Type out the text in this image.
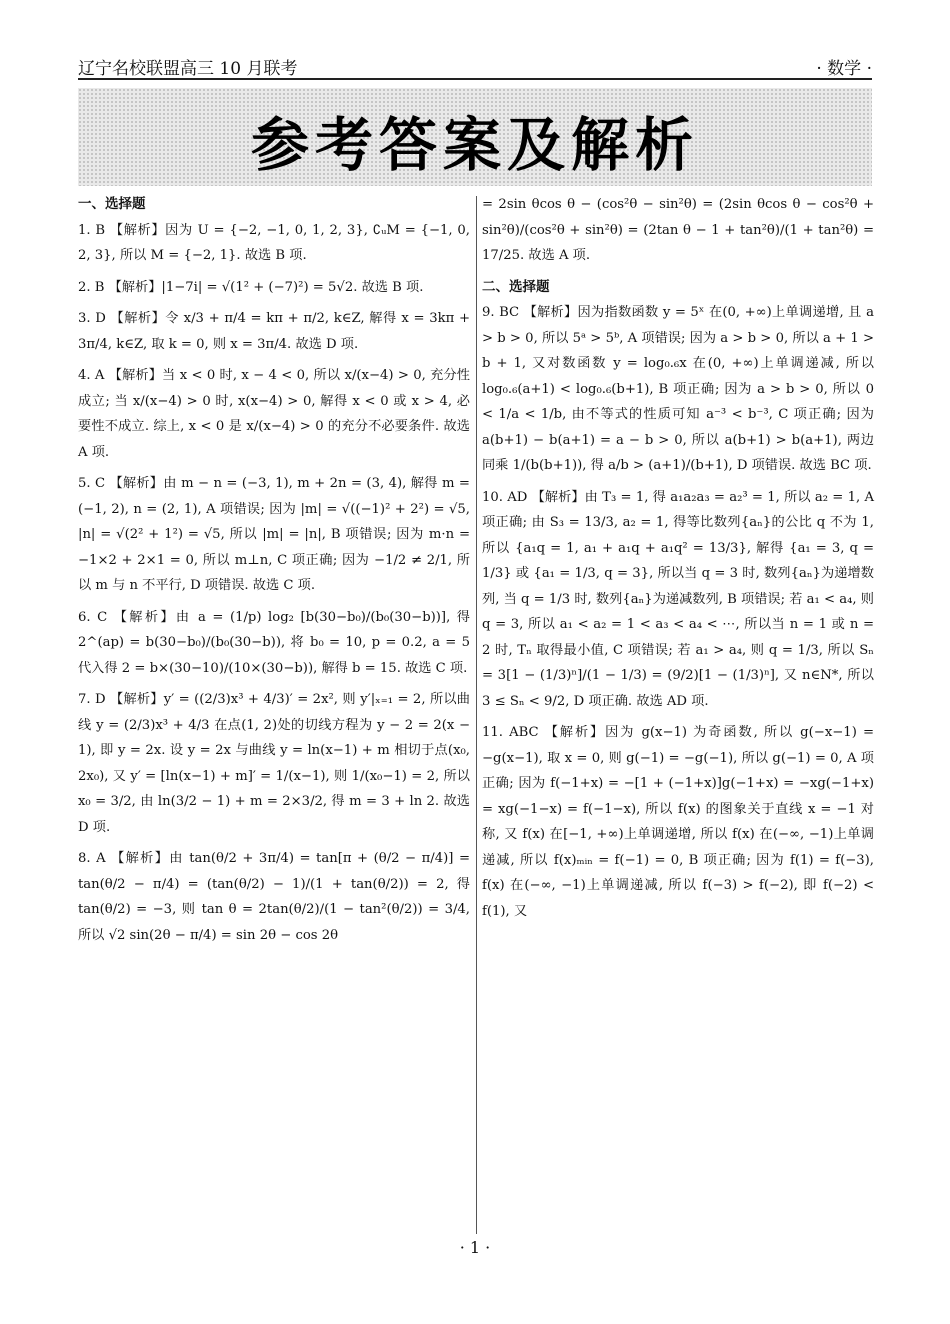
辽宁名校联盟高三 10 月联考	· 数学 ·
参考答案及解析
一、选择题

1. B 【解析】因为 U = {−2, −1, 0, 1, 2, 3}, ∁ᵤM = {−1, 0, 2, 3}, 所以 M = {−2, 1}. 故选 B 项.

2. B 【解析】|1−7i| = √(1² + (−7)²) = 5√2. 故选 B 项.

3. D 【解析】令 x/3 + π/4 = kπ + π/2, k∈Z, 解得 x = 3kπ + 3π/4, k∈Z, 取 k = 0, 则 x = 3π/4. 故选 D 项.

4. A 【解析】当 x < 0 时, x − 4 < 0, 所以 x/(x−4) > 0, 充分性成立; 当 x/(x−4) > 0 时, x(x−4) > 0, 解得 x < 0 或 x > 4, 必要性不成立. 综上, x < 0 是 x/(x−4) > 0 的充分不必要条件. 故选 A 项.

5. C 【解析】由 m − n = (−3, 1), m + 2n = (3, 4), 解得 m = (−1, 2), n = (2, 1), A 项错误; 因为 |m| = √((−1)² + 2²) = √5, |n| = √(2² + 1²) = √5, 所以 |m| = |n|, B 项错误; 因为 m·n = −1×2 + 2×1 = 0, 所以 m⊥n, C 项正确; 因为 −1/2 ≠ 2/1, 所以 m 与 n 不平行, D 项错误. 故选 C 项.

6. C 【解析】由 a = (1/p) log₂ [b(30−b₀)/(b₀(30−b))], 得 2^(ap) = b(30−b₀)/(b₀(30−b)), 将 b₀ = 10, p = 0.2, a = 5 代入得 2 = b×(30−10)/(10×(30−b)), 解得 b = 15. 故选 C 项.

7. D 【解析】y′ = ((2/3)x³ + 4/3)′ = 2x², 则 y′|ₓ₌₁ = 2, 所以曲线 y = (2/3)x³ + 4/3 在点(1, 2)处的切线方程为 y − 2 = 2(x − 1), 即 y = 2x. 设 y = 2x 与曲线 y = ln(x−1) + m 相切于点(x₀, 2x₀), 又 y′ = [ln(x−1) + m]′ = 1/(x−1), 则 1/(x₀−1) = 2, 所以 x₀ = 3/2, 由 ln(3/2 − 1) + m = 2×3/2, 得 m = 3 + ln 2. 故选 D 项.

8. A 【解析】由 tan(θ/2 + 3π/4) = tan[π + (θ/2 − π/4)] = tan(θ/2 − π/4) = (tan(θ/2) − 1)/(1 + tan(θ/2)) = 2, 得 tan(θ/2) = −3, 则 tan θ = 2tan(θ/2)/(1 − tan²(θ/2)) = 3/4, 所以 √2 sin(2θ − π/4) = sin 2θ − cos 2θ

= 2sin θcos θ − (cos²θ − sin²θ) = (2sin θcos θ − cos²θ + sin²θ)/(cos²θ + sin²θ) = (2tan θ − 1 + tan²θ)/(1 + tan²θ) = 17/25. 故选 A 项.

二、选择题

9. BC 【解析】因为指数函数 y = 5ˣ 在(0, +∞)上单调递增, 且 a > b > 0, 所以 5ᵃ > 5ᵇ, A 项错误; 因为 a > b > 0, 所以 a + 1 > b + 1, 又对数函数 y = log₀.₆x 在(0, +∞)上单调递减, 所以 log₀.₆(a+1) < log₀.₆(b+1), B 项正确; 因为 a > b > 0, 所以 0 < 1/a < 1/b, 由不等式的性质可知 a⁻³ < b⁻³, C 项正确; 因为 a(b+1) − b(a+1) = a − b > 0, 所以 a(b+1) > b(a+1), 两边同乘 1/(b(b+1)), 得 a/b > (a+1)/(b+1), D 项错误. 故选 BC 项.

10. AD 【解析】由 T₃ = 1, 得 a₁a₂a₃ = a₂³ = 1, 所以 a₂ = 1, A 项正确; 由 S₃ = 13/3, a₂ = 1, 得等比数列{aₙ}的公比 q 不为 1, 所以 {a₁q = 1, a₁ + a₁q + a₁q² = 13/3}, 解得 {a₁ = 3, q = 1/3} 或 {a₁ = 1/3, q = 3}, 所以当 q = 3 时, 数列{aₙ}为递增数列, 当 q = 1/3 时, 数列{aₙ}为递减数列, B 项错误; 若 a₁ < a₄, 则 q = 3, 所以 a₁ < a₂ = 1 < a₃ < a₄ < ⋯, 所以当 n = 1 或 n = 2 时, Tₙ 取得最小值, C 项错误; 若 a₁ > a₄, 则 q = 1/3, 所以 Sₙ = 3[1 − (1/3)ⁿ]/(1 − 1/3) = (9/2)[1 − (1/3)ⁿ], 又 n∈N*, 所以 3 ≤ Sₙ < 9/2, D 项正确. 故选 AD 项.

11. ABC 【解析】因为 g(x−1) 为奇函数, 所以 g(−x−1) = −g(x−1), 取 x = 0, 则 g(−1) = −g(−1), 所以 g(−1) = 0, A 项正确; 因为 f(−1+x) = −[1 + (−1+x)]g(−1+x) = −xg(−1+x) = xg(−1−x) = f(−1−x), 所以 f(x) 的图象关于直线 x = −1 对称, 又 f(x) 在[−1, +∞)上单调递增, 所以 f(x) 在(−∞, −1)上单调递减, 所以 f(x)ₘᵢₙ = f(−1) = 0, B 项正确; 因为 f(1) = f(−3), f(x) 在(−∞, −1)上单调递减, 所以 f(−3) > f(−2), 即 f(−2) < f(1), 又

· 1 ·
